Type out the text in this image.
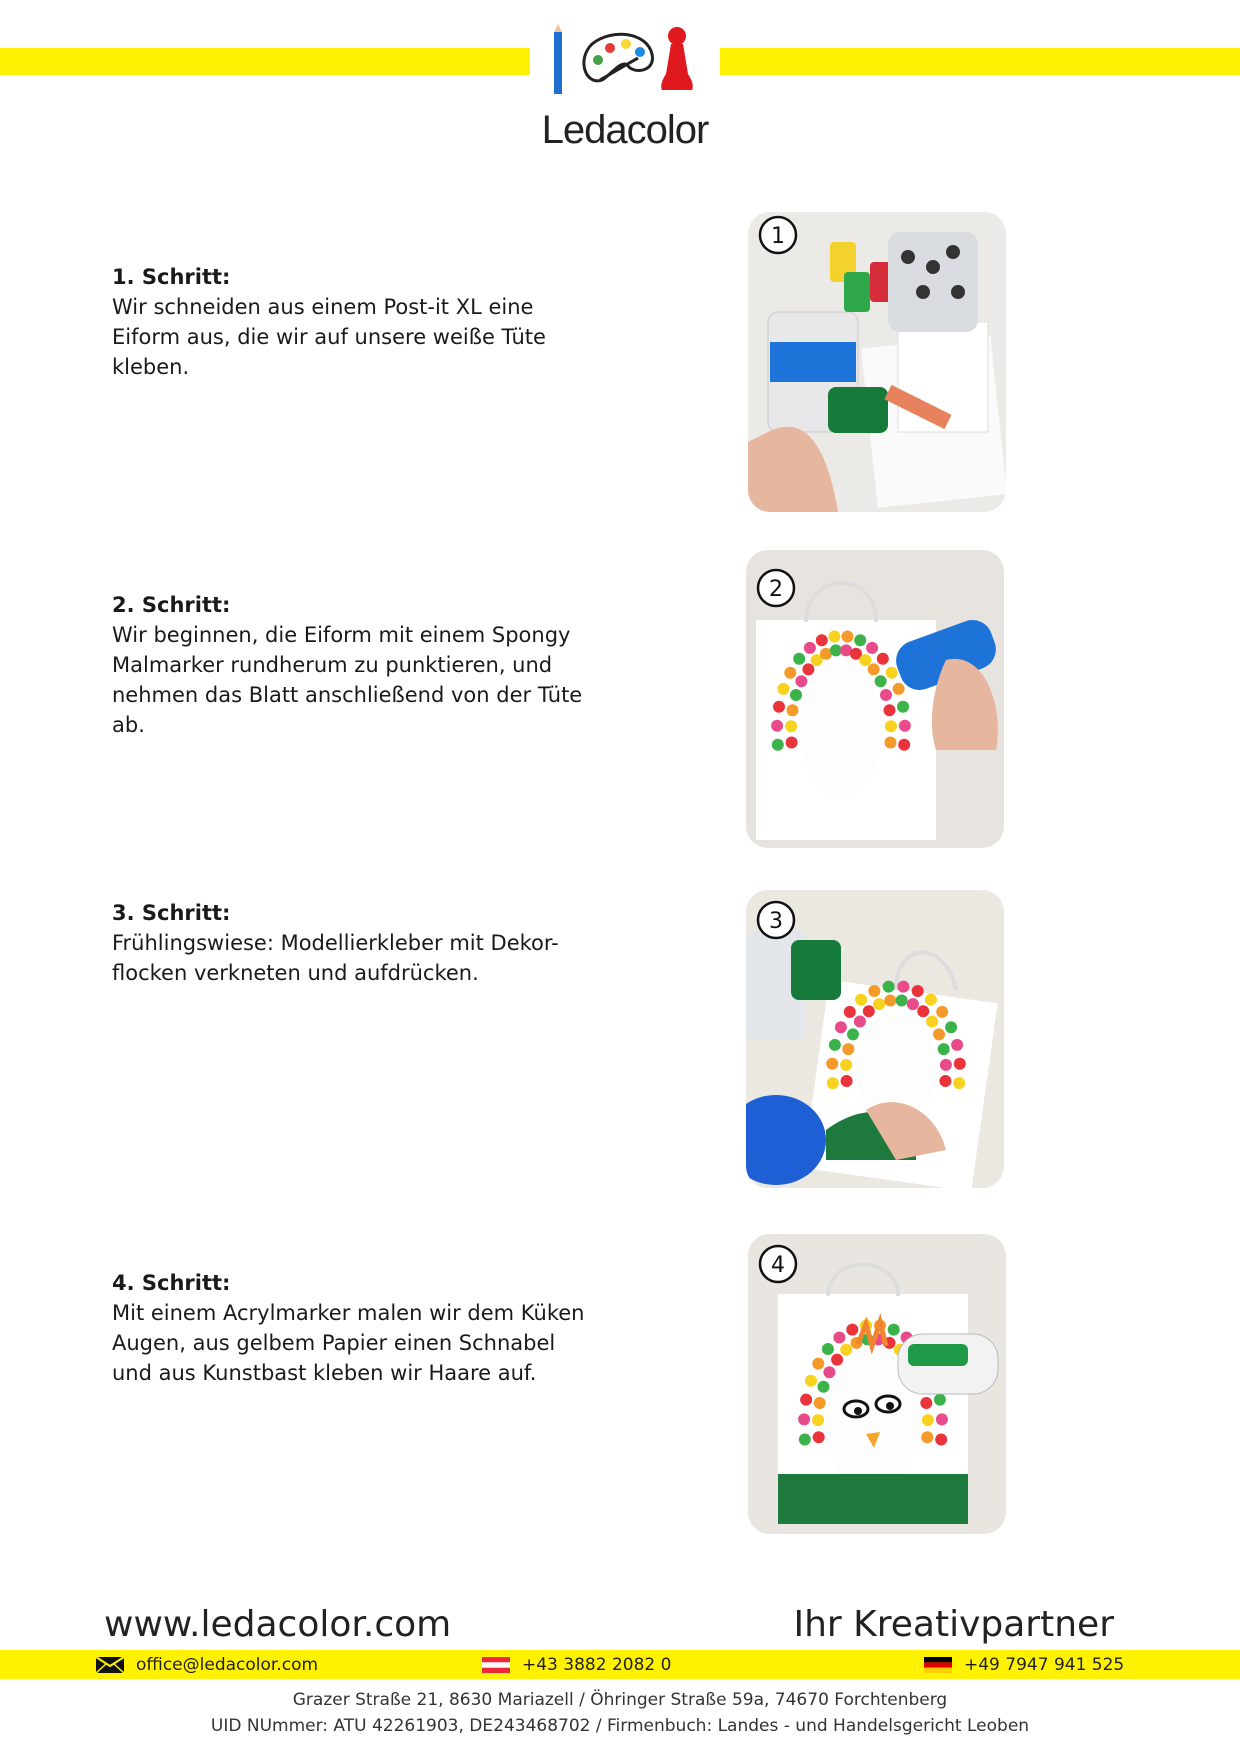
Ledacolor
1. Schritt:
Wir schneiden aus einem Post-it XL eine Eiform aus, die wir auf unsere weiße Tüte kleben.
1
2. Schritt:
Wir beginnen, die Eiform mit einem Spongy Malmarker rundherum zu punktieren, und nehmen das Blatt anschließend von der Tüte ab.
2
3. Schritt:
Frühlingswiese: Modellierkleber mit Dekor-flocken verkneten und aufdrücken.
3
4. Schritt:
Mit einem Acrylmarker malen wir dem Küken Augen, aus gelbem Papier einen Schnabel und aus Kunstbast kleben wir Haare auf.
4
www.ledacolor.com	Ihr Kreativpartner
office@ledacolor.com	+43 3882 2082 0	+49 7947 941 525
Grazer Straße 21, 8630 Mariazell / Öhringer Straße 59a, 74670 Forchtenberg
UID NUmmer: ATU 42261903, DE243468702 / Firmenbuch: Landes - und Handelsgericht Leoben
